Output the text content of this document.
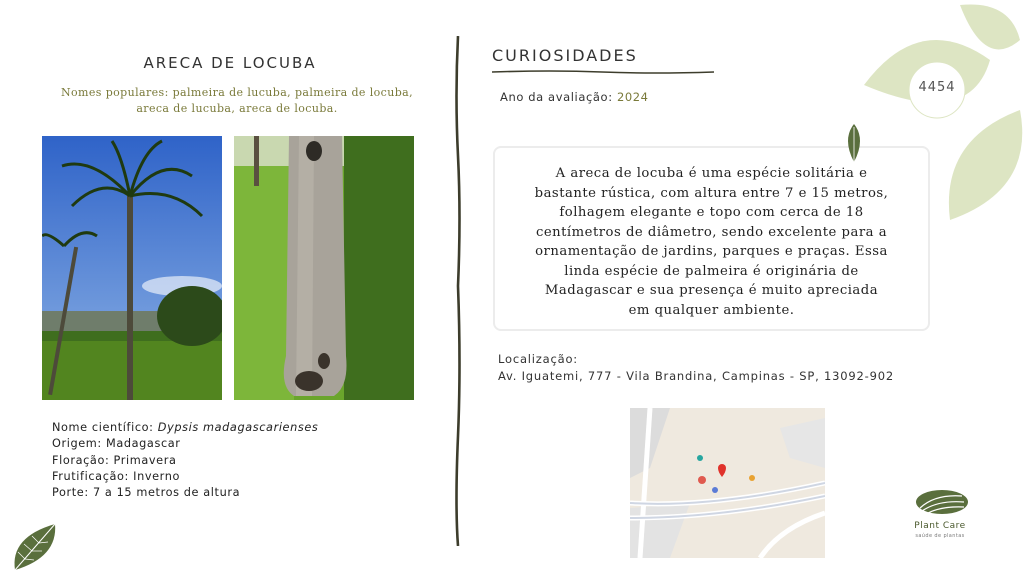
ARECA DE LOCUBA
Nomes populares: palmeira de lucuba, palmeira de locuba, areca de lucuba, areca de locuba.
Nome científico: Dypsis madagascarienses
Origem: Madagascar
Floração: Primavera
Frutificação: Inverno
Porte: 7 a 15 metros de altura
CURIOSIDADES
Ano da avaliação: 2024
A areca de locuba é uma espécie solitária e
bastante rústica, com altura entre 7 e 15 metros,
folhagem elegante e topo com cerca de 18
centímetros de diâmetro, sendo excelente para a
ornamentação de jardins, parques e praças. Essa
linda espécie de palmeira é originária de
Madagascar e sua presença é muito apreciada
em qualquer ambiente.
Localização:
Av. Iguatemi, 777 - Vila Brandina, Campinas - SP, 13092-902
4454
Plant Care
saúde de plantas
